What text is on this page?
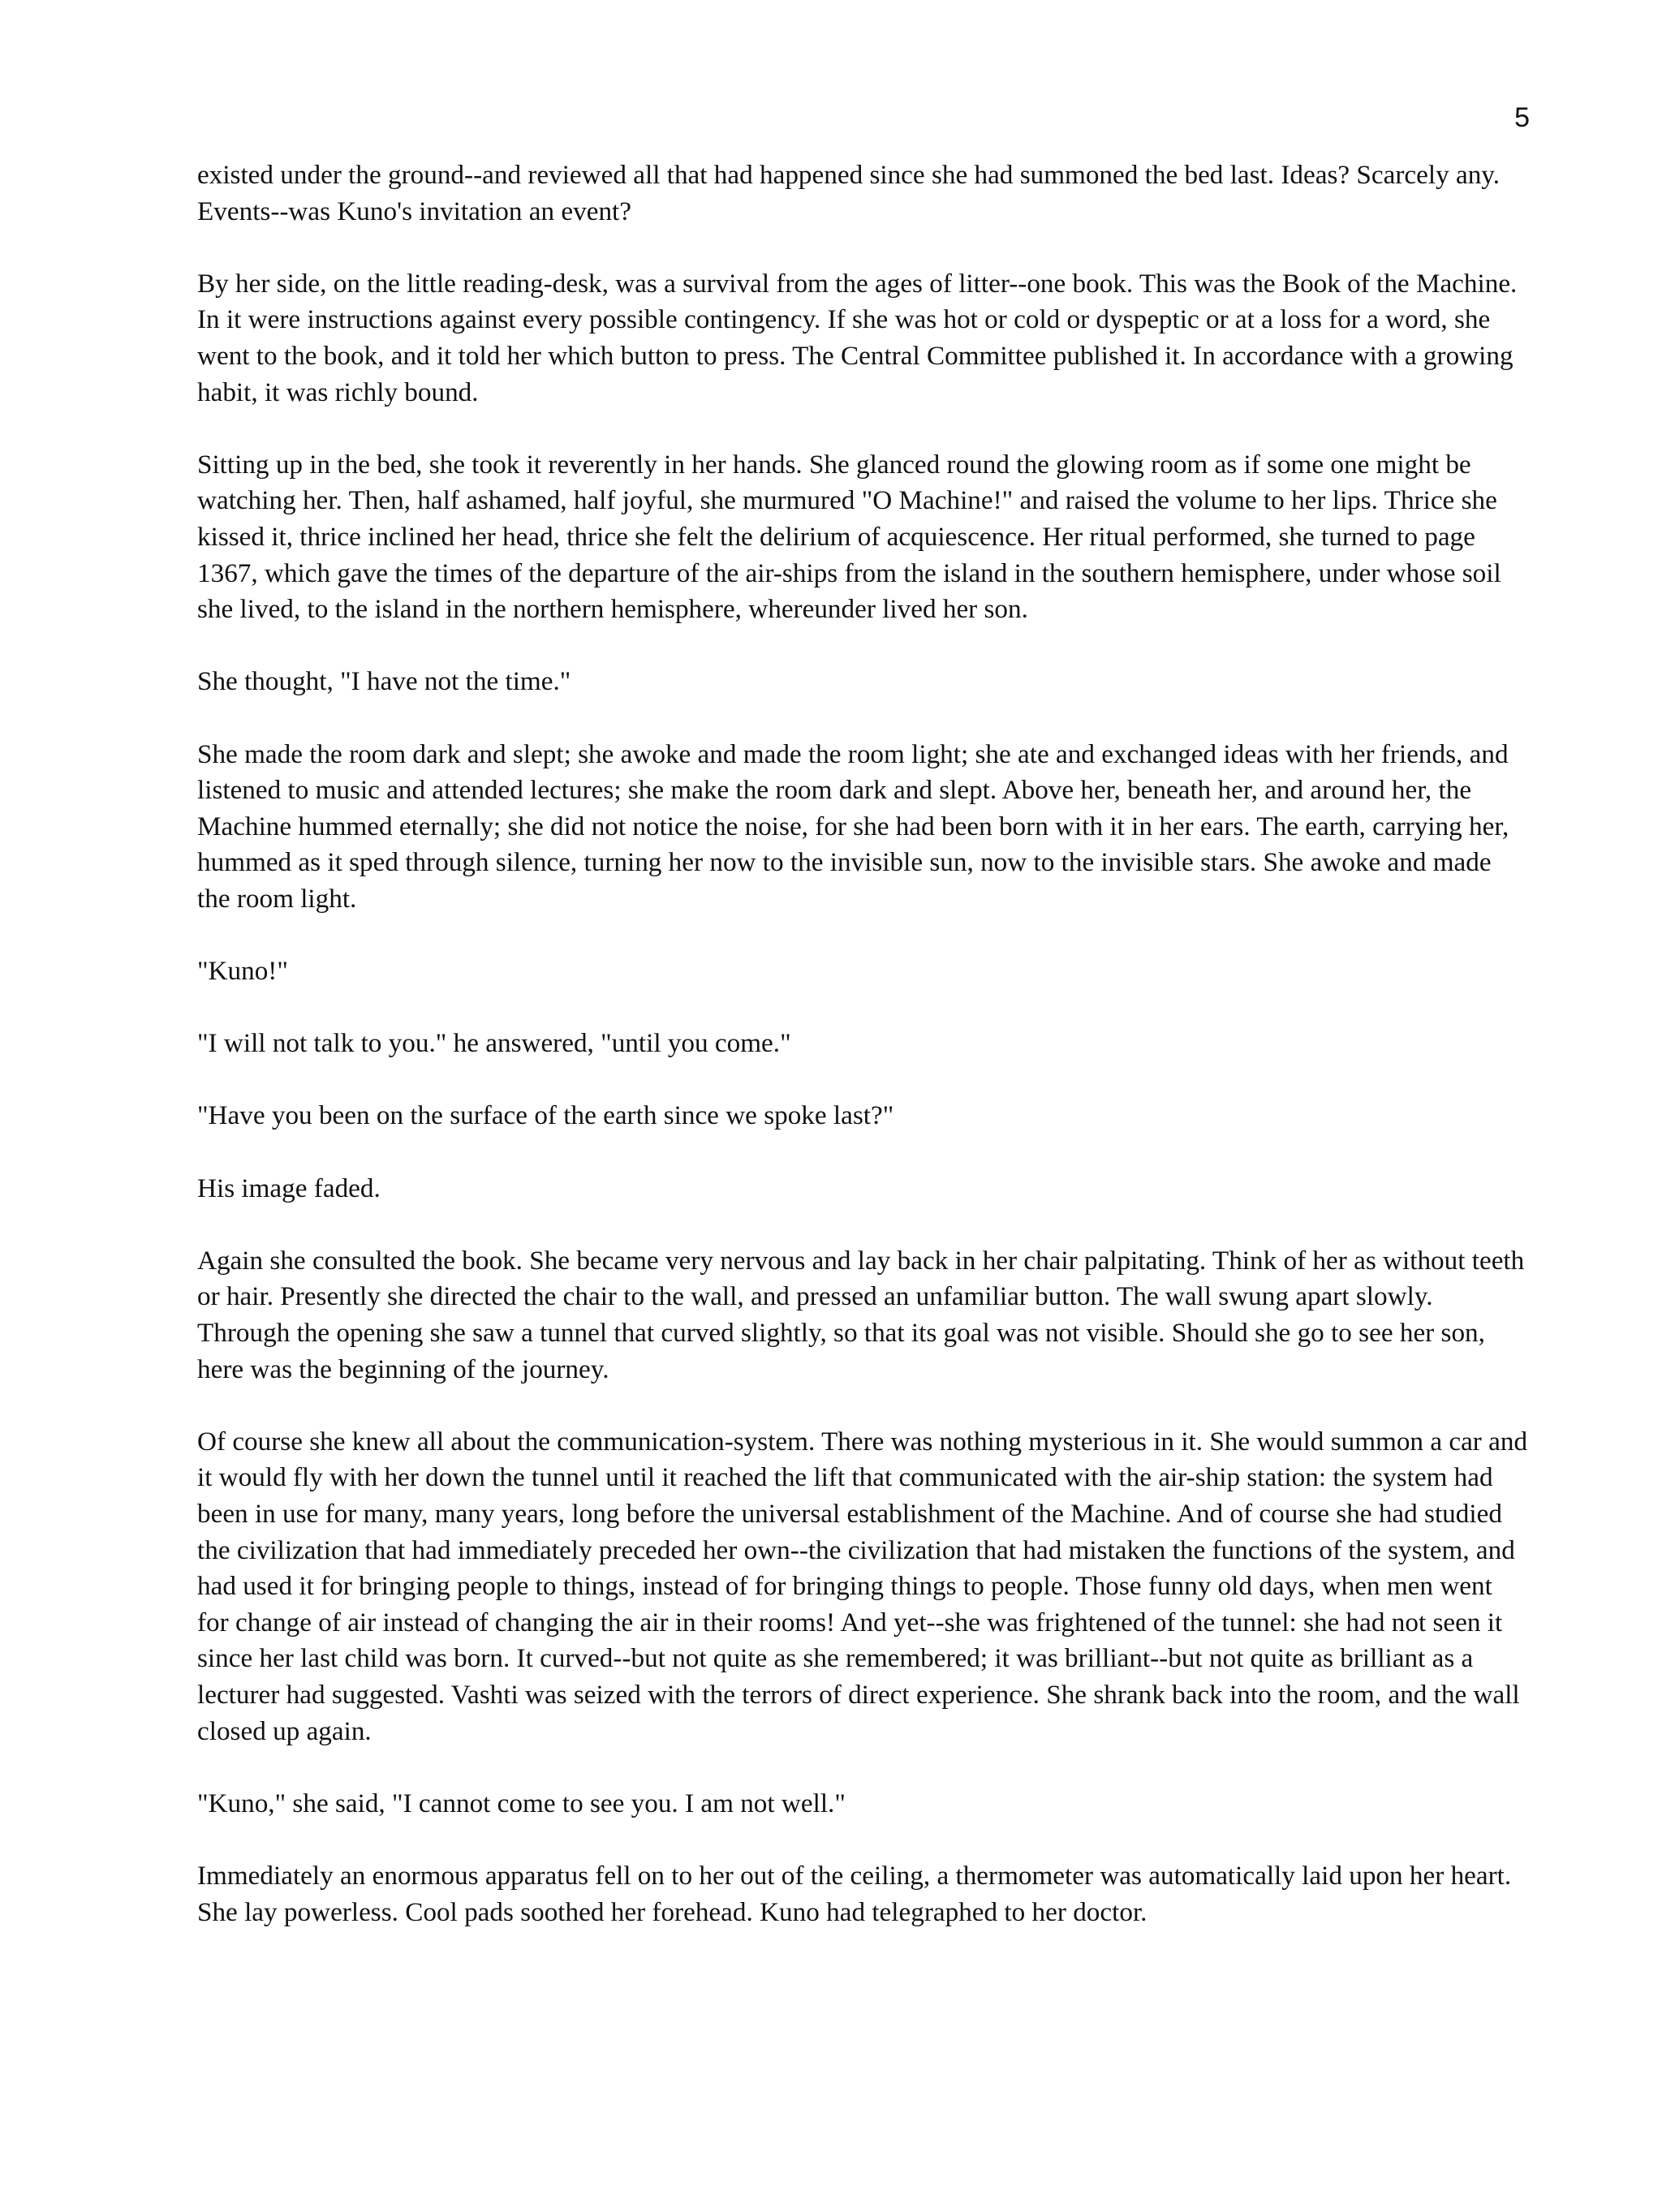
5

existed under the ground--and reviewed all that had happened since she had summoned the bed last. Ideas? Scarcely any. Events--was Kuno's invitation an event?

By her side, on the little reading-desk, was a survival from the ages of litter--one book. This was the Book of the Machine. In it were instructions against every possible contingency. If she was hot or cold or dyspeptic or at a loss for a word, she went to the book, and it told her which button to press. The Central Committee published it. In accordance with a growing habit, it was richly bound.

Sitting up in the bed, she took it reverently in her hands. She glanced round the glowing room as if some one might be watching her. Then, half ashamed, half joyful, she murmured "O Machine!" and raised the volume to her lips. Thrice she kissed it, thrice inclined her head, thrice she felt the delirium of acquiescence. Her ritual performed, she turned to page 1367, which gave the times of the departure of the air-ships from the island in the southern hemisphere, under whose soil she lived, to the island in the northern hemisphere, whereunder lived her son.

She thought, "I have not the time."

She made the room dark and slept; she awoke and made the room light; she ate and exchanged ideas with her friends, and listened to music and attended lectures; she make the room dark and slept. Above her, beneath her, and around her, the Machine hummed eternally; she did not notice the noise, for she had been born with it in her ears. The earth, carrying her, hummed as it sped through silence, turning her now to the invisible sun, now to the invisible stars. She awoke and made the room light.

"Kuno!"

"I will not talk to you." he answered, "until you come."

"Have you been on the surface of the earth since we spoke last?"

His image faded.

Again she consulted the book. She became very nervous and lay back in her chair palpitating. Think of her as without teeth or hair. Presently she directed the chair to the wall, and pressed an unfamiliar button. The wall swung apart slowly. Through the opening she saw a tunnel that curved slightly, so that its goal was not visible. Should she go to see her son, here was the beginning of the journey.

Of course she knew all about the communication-system. There was nothing mysterious in it. She would summon a car and it would fly with her down the tunnel until it reached the lift that communicated with the air-ship station: the system had been in use for many, many years, long before the universal establishment of the Machine. And of course she had studied the civilization that had immediately preceded her own--the civilization that had mistaken the functions of the system, and had used it for bringing people to things, instead of for bringing things to people. Those funny old days, when men went for change of air instead of changing the air in their rooms! And yet--she was frightened of the tunnel: she had not seen it since her last child was born. It curved--but not quite as she remembered; it was brilliant--but not quite as brilliant as a lecturer had suggested. Vashti was seized with the terrors of direct experience. She shrank back into the room, and the wall closed up again.

"Kuno," she said, "I cannot come to see you. I am not well."

Immediately an enormous apparatus fell on to her out of the ceiling, a thermometer was automatically laid upon her heart. She lay powerless. Cool pads soothed her forehead. Kuno had telegraphed to her doctor.
